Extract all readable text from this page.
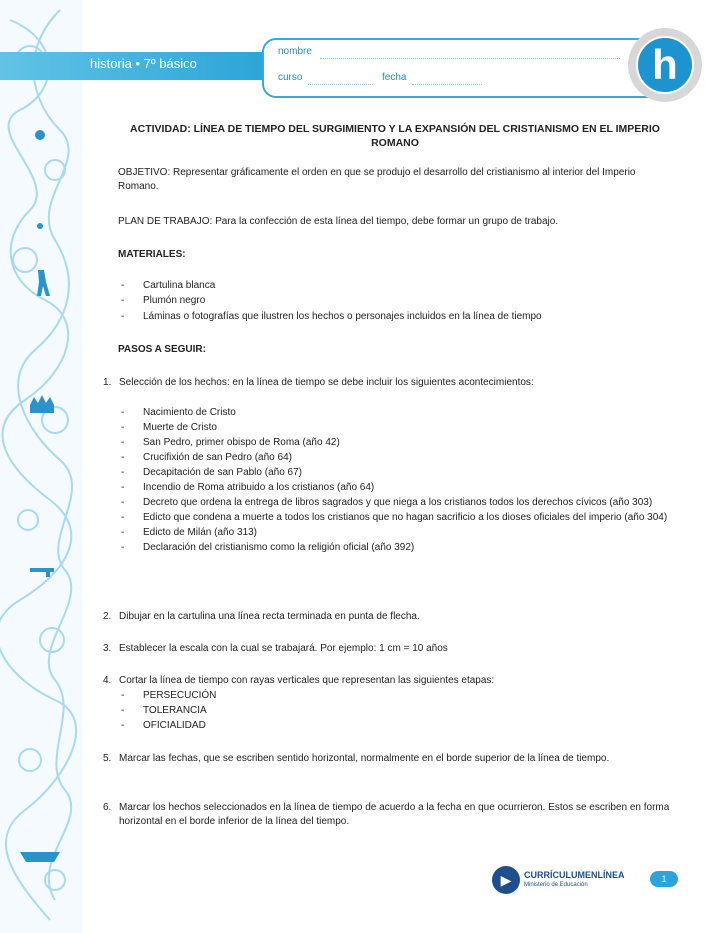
historia • 7º básico
nombre
curso	fecha	h
ACTIVIDAD: LÍNEA DE TIEMPO DEL SURGIMIENTO Y LA EXPANSIÓN DEL CRISTIANISMO EN EL IMPERIO ROMANO
OBJETIVO: Representar gráficamente el orden en que se produjo el desarrollo del cristianismo al interior del Imperio Romano.
PLAN DE TRABAJO: Para la confección de esta línea del tiempo, debe formar un grupo de trabajo.
MATERIALES:
- Cartulina blanca
- Plumón negro
- Láminas o fotografías que ilustren los hechos o personajes incluidos en la línea de tiempo
PASOS A SEGUIR:
1. Selección de los hechos: en la línea de tiempo se debe incluir los siguientes acontecimientos:
- Nacimiento de Cristo
- Muerte de Cristo
- San Pedro, primer obispo de Roma (año 42)
- Crucifixión de san Pedro (año 64)
- Decapitación de san Pablo (año 67)
- Incendio de Roma atribuido a los cristianos (año 64)
- Decreto que ordena la entrega de libros sagrados y que niega a los cristianos todos los derechos cívicos (año 303)
- Edicto que condena a muerte a todos los cristianos que no hagan sacrificio a los dioses oficiales del imperio (año 304)
- Edicto de Milán (año 313)
- Declaración del cristianismo como la religión oficial (año 392)
2. Dibujar en la cartulina una línea recta terminada en punta de flecha.
3. Establecer la escala con la cual se trabajará. Por ejemplo: 1 cm = 10 años
4. Cortar la línea de tiempo con rayas verticales que representan las siguientes etapas:
- PERSECUCIÓN
- TOLERANCIA
- OFICIALIDAD
5. Marcar las fechas, que se escriben sentido horizontal, normalmente en el borde superior de la línea de tiempo.
6. Marcar los hechos seleccionados en la línea de tiempo de acuerdo a la fecha en que ocurrieron. Estos se escriben en forma horizontal en el borde inferior de la línea del tiempo.
▶	CURRÍCULUMENLÍNEA
Ministerio de Educación
1
